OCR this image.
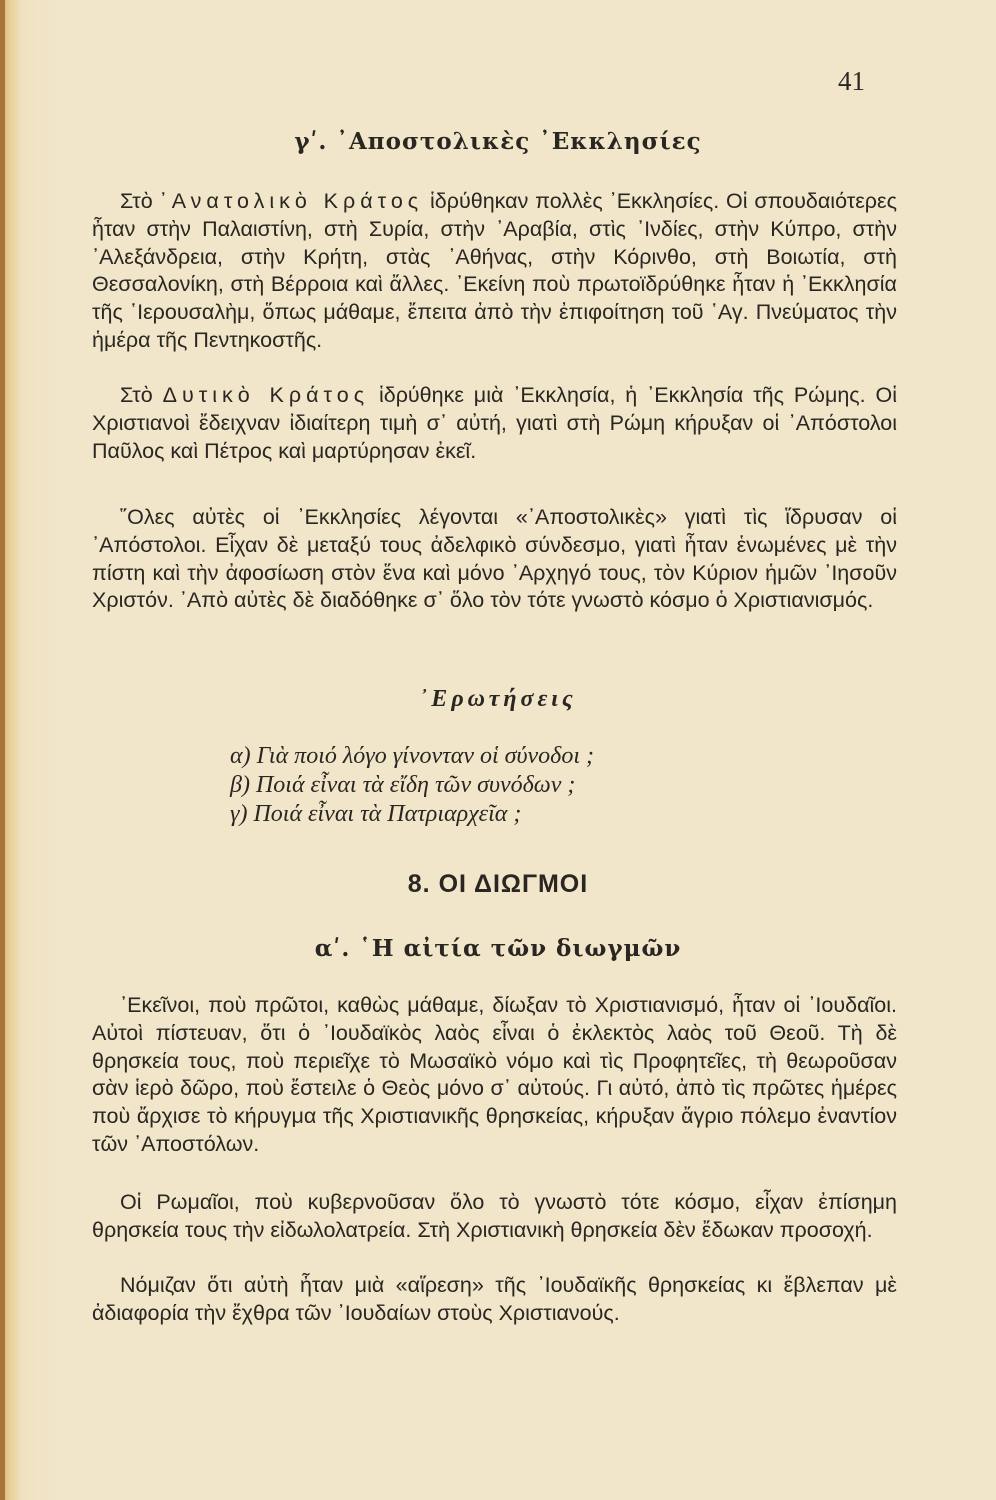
41
γʹ. ᾿Αποστολικὲς ᾿Εκκλησίες

Στὸ ᾿Ανατολικὸ Κράτος ἱδρύθηκαν πολλὲς ᾿Εκκλησίες. Οἱ σπουδαιότερες ἦταν στὴν Παλαιστίνη, στὴ Συρία, στὴν ᾿Αραβία, στὶς ᾿Ινδίες, στὴν Κύπρο, στὴν ᾿Αλεξάνδρεια, στὴν Κρήτη, στὰς ᾿Αθήνας, στὴν Κόρινθο, στὴ Βοιωτία, στὴ Θεσσαλονίκη, στὴ Βέρροια καὶ ἄλλες. ᾿Εκείνη ποὺ πρωτοϊδρύθηκε ἦταν ἡ ᾿Εκκλησία τῆς ῾Ιερουσαλὴμ, ὅπως μάθαμε, ἔπειτα ἀπὸ τὴν ἐπιφοίτηση τοῦ ῾Αγ. Πνεύματος τὴν ἡμέρα τῆς Πεντηκοστῆς.

Στὸ Δυτικὸ Κράτος ἱδρύθηκε μιὰ ᾿Εκκλησία, ἡ ᾿Εκκλησία τῆς Ρώμης. Οἱ Χριστιανοὶ ἔδειχναν ἰδιαίτερη τιμὴ σ᾿ αὐτή, γιατὶ στὴ Ρώμη κήρυξαν οἱ ᾿Απόστολοι Παῦλος καὶ Πέτρος καὶ μαρτύρησαν ἐκεῖ.

῞Ολες αὐτὲς οἱ ᾿Εκκλησίες λέγονται «᾿Αποστολικὲς» γιατὶ τὶς ἵδρυσαν οἱ ᾿Απόστολοι. Εἶχαν δὲ μεταξύ τους ἀδελφικὸ σύνδεσμο, γιατὶ ἦταν ἑνωμένες μὲ τὴν πίστη καὶ τὴν ἀφοσίωση στὸν ἕνα καὶ μόνο ᾿Αρχηγό τους, τὸν Κύριον ἡμῶν ᾿Ιησοῦν Χριστόν. ᾿Απὸ αὐτὲς δὲ διαδόθηκε σ᾿ ὅλο τὸν τότε γνωστὸ κόσμο ὁ Χριστιανισμός.

᾿Ερωτήσεις
α) Γιὰ ποιό λόγο γίνονταν οἱ σύνοδοι ;
β) Ποιά εἶναι τὰ εἴδη τῶν συνόδων ;
γ) Ποιά εἶναι τὰ Πατριαρχεῖα ;
8. ΟΙ ΔΙΩΓΜΟΙ
αʹ. ῾Η αἰτία τῶν διωγμῶν

᾿Εκεῖνοι, ποὺ πρῶτοι, καθὼς μάθαμε, δίωξαν τὸ Χριστιανισμό, ἦταν οἱ ᾿Ιουδαῖοι. Αὐτοὶ πίστευαν, ὅτι ὁ ᾿Ιουδαϊκὸς λαὸς εἶναι ὁ ἐκλεκτὸς λαὸς τοῦ Θεοῦ. Τὴ δὲ θρησκεία τους, ποὺ περιεῖχε τὸ Μωσαϊκὸ νόμο καὶ τὶς Προφητεῖες, τὴ θεωροῦσαν σὰν ἱερὸ δῶρο, ποὺ ἔστειλε ὁ Θεὸς μόνο σ᾿ αὐτούς. Γι αὐτό, ἀπὸ τὶς πρῶτες ἡμέρες ποὺ ἄρχισε τὸ κήρυγμα τῆς Χριστιανικῆς θρησκείας, κήρυξαν ἄγριο πόλεμο ἐναντίον τῶν ᾿Αποστόλων.

Οἱ Ρωμαῖοι, ποὺ κυβερνοῦσαν ὅλο τὸ γνωστὸ τότε κόσμο, εἶχαν ἐπίσημη θρησκεία τους τὴν εἰδωλολατρεία. Στὴ Χριστιανικὴ θρησκεία δὲν ἔδωκαν προσοχή.

Νόμιζαν ὅτι αὐτὴ ἦταν μιὰ «αἵρεση» τῆς ᾿Ιουδαϊκῆς θρησκείας κι ἔβλεπαν μὲ ἀδιαφορία τὴν ἔχθρα τῶν ᾿Ιουδαίων στοὺς Χριστιανούς.
